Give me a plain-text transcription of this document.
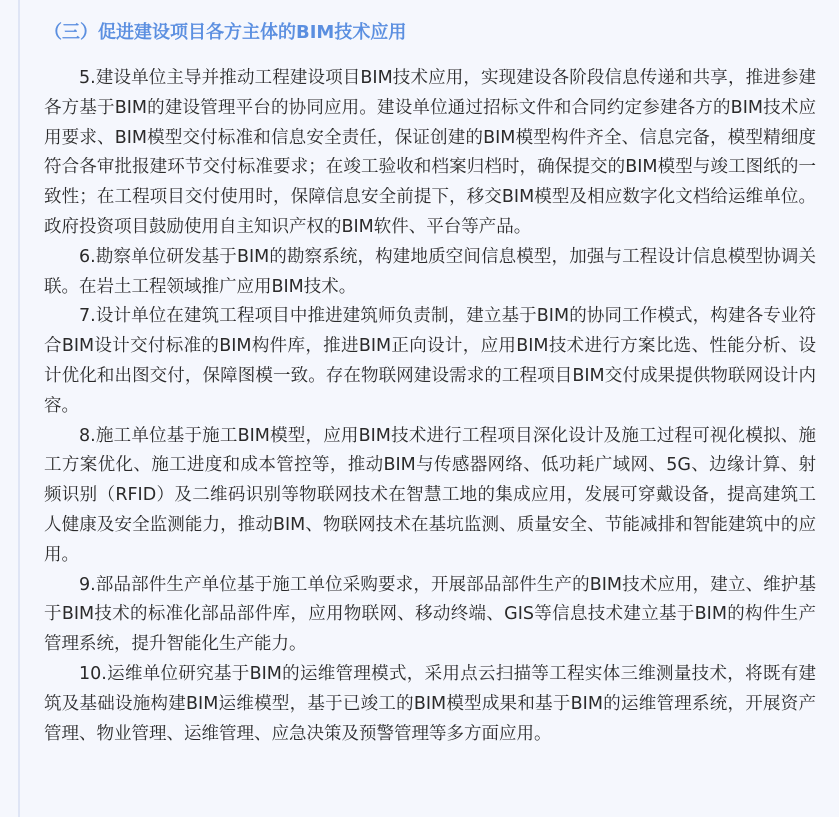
（三）促进建设项目各方主体的BIM技术应用

5.建设单位主导并推动工程建设项目BIM技术应用，实现建设各阶段信息传递和共享，推进参建各方基于BIM的建设管理平台的协同应用。建设单位通过招标文件和合同约定参建各方的BIM技术应用要求、BIM模型交付标准和信息安全责任，保证创建的BIM模型构件齐全、信息完备，模型精细度符合各审批报建环节交付标准要求；在竣工验收和档案归档时，确保提交的BIM模型与竣工图纸的一致性；在工程项目交付使用时，保障信息安全前提下，移交BIM模型及相应数字化文档给运维单位。政府投资项目鼓励使用自主知识产权的BIM软件、平台等产品。

6.勘察单位研发基于BIM的勘察系统，构建地质空间信息模型，加强与工程设计信息模型协调关联。在岩土工程领域推广应用BIM技术。

7.设计单位在建筑工程项目中推进建筑师负责制，建立基于BIM的协同工作模式，构建各专业符合BIM设计交付标准的BIM构件库，推进BIM正向设计，应用BIM技术进行方案比选、性能分析、设计优化和出图交付，保障图模一致。存在物联网建设需求的工程项目BIM交付成果提供物联网设计内容。

8.施工单位基于施工BIM模型，应用BIM技术进行工程项目深化设计及施工过程可视化模拟、施工方案优化、施工进度和成本管控等，推动BIM与传感器网络、低功耗广域网、5G、边缘计算、射频识别（RFID）及二维码识别等物联网技术在智慧工地的集成应用，发展可穿戴设备，提高建筑工人健康及安全监测能力，推动BIM、物联网技术在基坑监测、质量安全、节能减排和智能建筑中的应用。

9.部品部件生产单位基于施工单位采购要求，开展部品部件生产的BIM技术应用，建立、维护基于BIM技术的标准化部品部件库，应用物联网、移动终端、GIS等信息技术建立基于BIM的构件生产管理系统，提升智能化生产能力。

10.运维单位研究基于BIM的运维管理模式，采用点云扫描等工程实体三维测量技术，将既有建筑及基础设施构建BIM运维模型，基于已竣工的BIM模型成果和基于BIM的运维管理系统，开展资产管理、物业管理、运维管理、应急决策及预警管理等多方面应用。
